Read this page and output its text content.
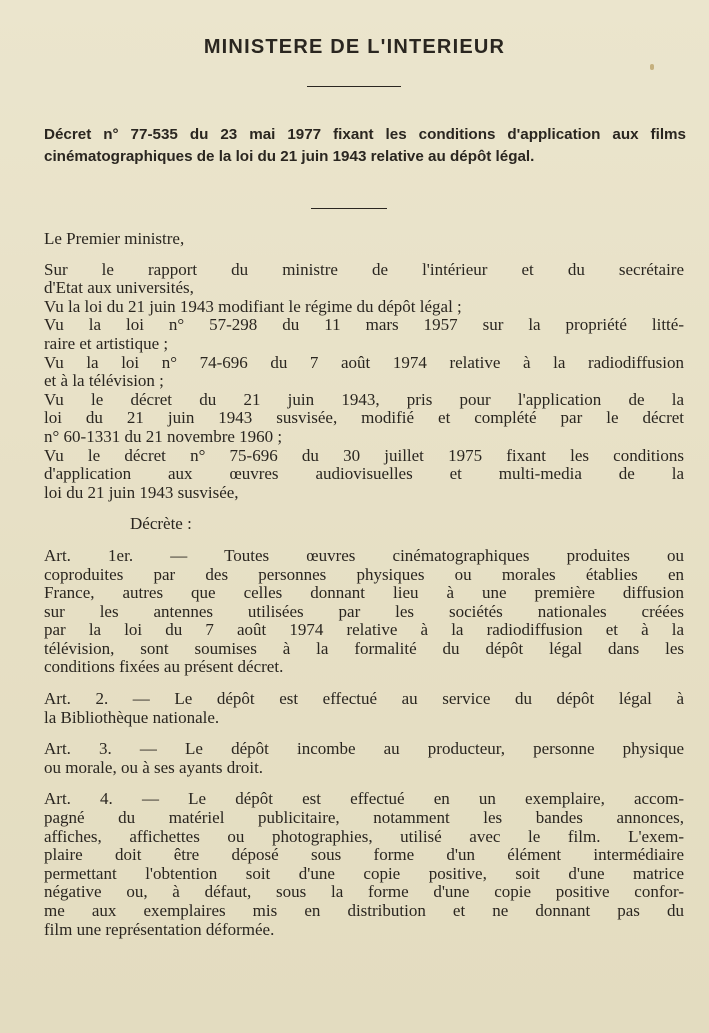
MINISTERE DE L'INTERIEUR

Décret n° 77-535 du 23 mai 1977 fixant les conditions d'application aux films cinématographiques de la loi du 21 juin 1943 relative au dépôt légal.

Le Premier ministre,
Sur le rapport du ministre de l'intérieur et du secrétaire
d'Etat aux universités,
Vu la loi du 21 juin 1943 modifiant le régime du dépôt légal ;
Vu la loi n° 57-298 du 11 mars 1957 sur la propriété litté-
raire et artistique ;
Vu la loi n° 74-696 du 7 août 1974 relative à la radiodiffusion
et à la télévision ;
Vu le décret du 21 juin 1943, pris pour l'application de la
loi du 21 juin 1943 susvisée, modifié et complété par le décret
n° 60-1331 du 21 novembre 1960 ;
Vu le décret n° 75-696 du 30 juillet 1975 fixant les conditions
d'application aux œuvres audiovisuelles et multi-media de la
loi du 21 juin 1943 susvisée,

Décrète :

Art. 1er. — Toutes œuvres cinématographiques produites ou
coproduites par des personnes physiques ou morales établies en
France, autres que celles donnant lieu à une première diffusion
sur les antennes utilisées par les sociétés nationales créées
par la loi du 7 août 1974 relative à la radiodiffusion et à la
télévision, sont soumises à la formalité du dépôt légal dans les
conditions fixées au présent décret.
Art. 2. — Le dépôt est effectué au service du dépôt légal à
la Bibliothèque nationale.
Art. 3. — Le dépôt incombe au producteur, personne physique
ou morale, ou à ses ayants droit.
Art. 4. — Le dépôt est effectué en un exemplaire, accom-
pagné du matériel publicitaire, notamment les bandes annonces,
affiches, affichettes ou photographies, utilisé avec le film. L'exem-
plaire doit être déposé sous forme d'un élément intermédiaire
permettant l'obtention soit d'une copie positive, soit d'une matrice
négative ou, à défaut, sous la forme d'une copie positive confor-
me aux exemplaires mis en distribution et ne donnant pas du
film une représentation déformée.
